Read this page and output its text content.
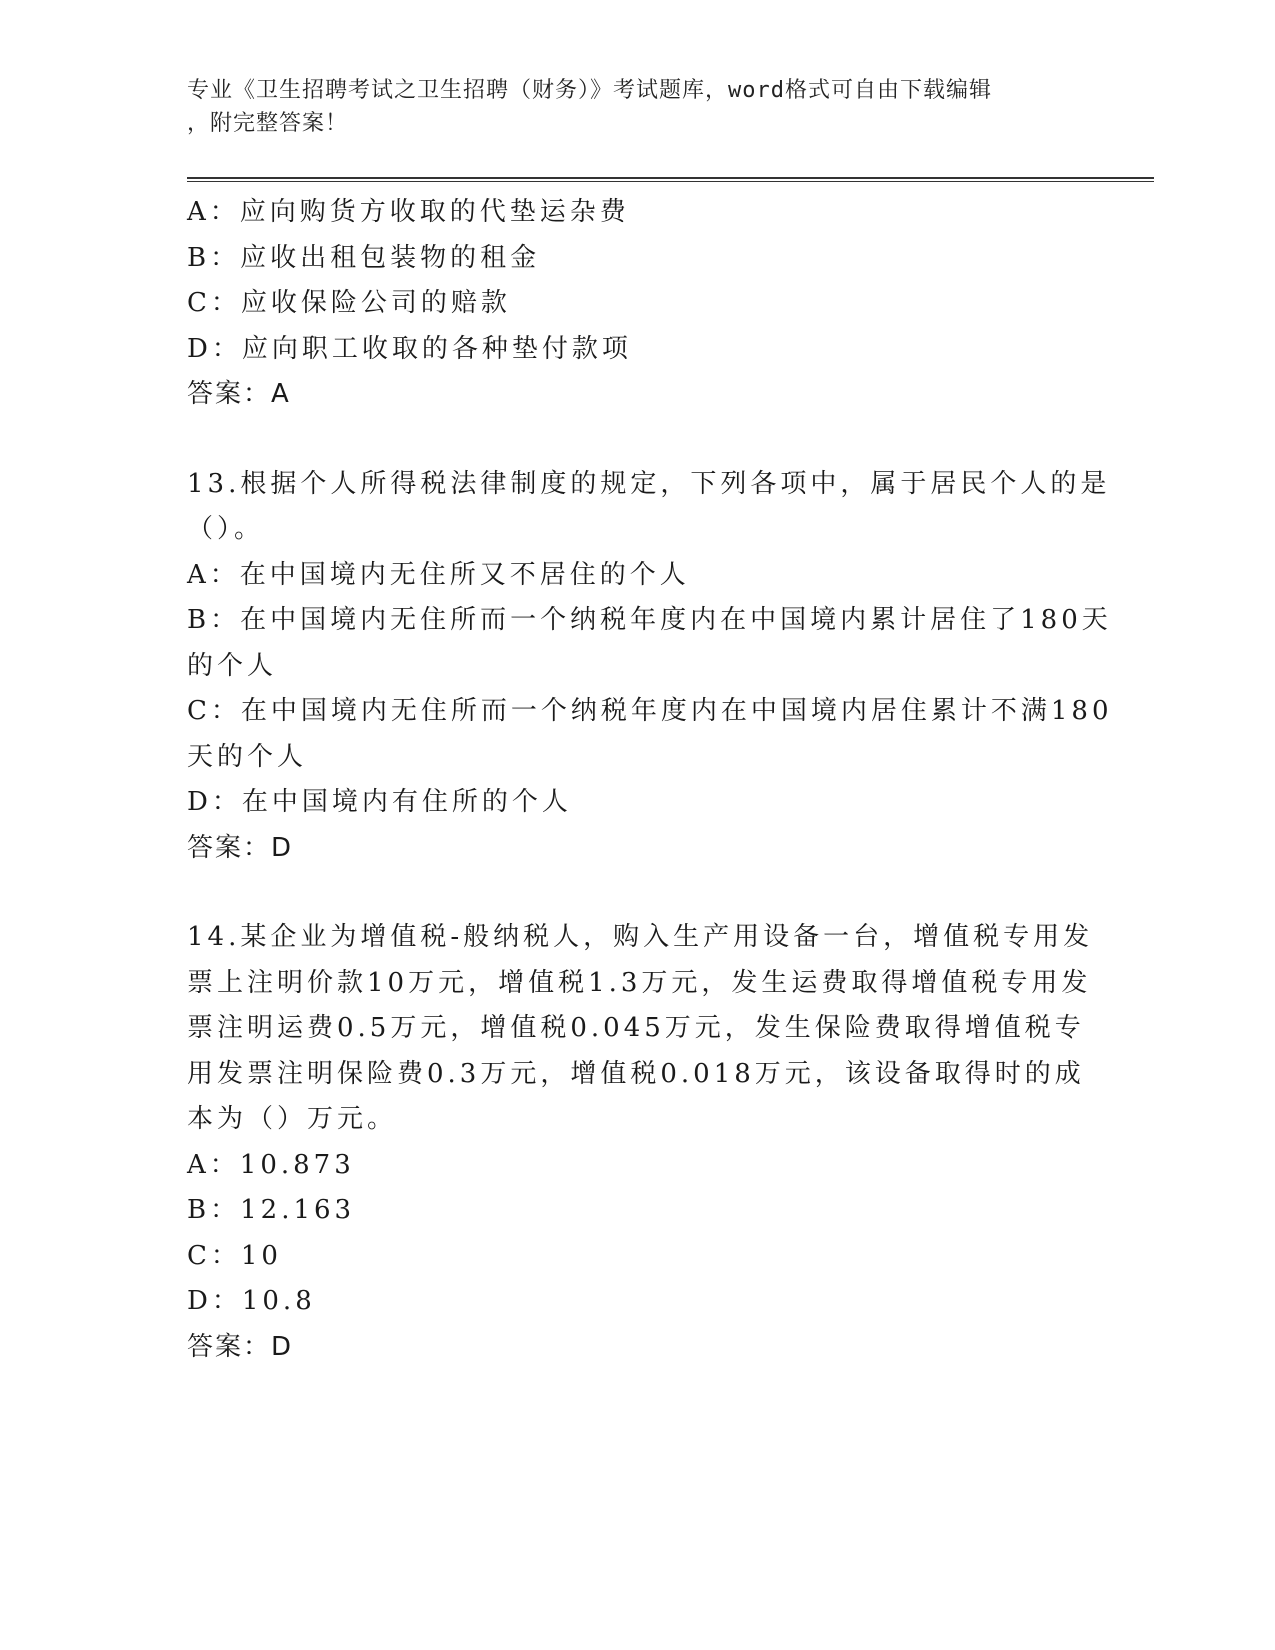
专业《卫生招聘考试之卫生招聘（财务）》考试题库，word格式可自由下载编辑
，附完整答案！

A：应向购货方收取的代垫运杂费

B：应收出租包装物的租金

C：应收保险公司的赔款

D：应向职工收取的各种垫付款项

答案：A

13.根据个人所得税法律制度的规定，下列各项中，属于居民个人的是

（）。

A：在中国境内无住所又不居住的个人

B：在中国境内无住所而一个纳税年度内在中国境内累计居住了180天

的个人

C：在中国境内无住所而一个纳税年度内在中国境内居住累计不满180

天的个人

D：在中国境内有住所的个人

答案：D

14.某企业为增值税-般纳税人，购入生产用设备一台，增值税专用发

票上注明价款10万元，增值税1.3万元，发生运费取得增值税专用发

票注明运费0.5万元，增值税0.045万元，发生保险费取得增值税专

用发票注明保险费0.3万元，增值税0.018万元，该设备取得时的成

本为（）万元。

A：10.873

B：12.163

C：10

D：10.8

答案：D
